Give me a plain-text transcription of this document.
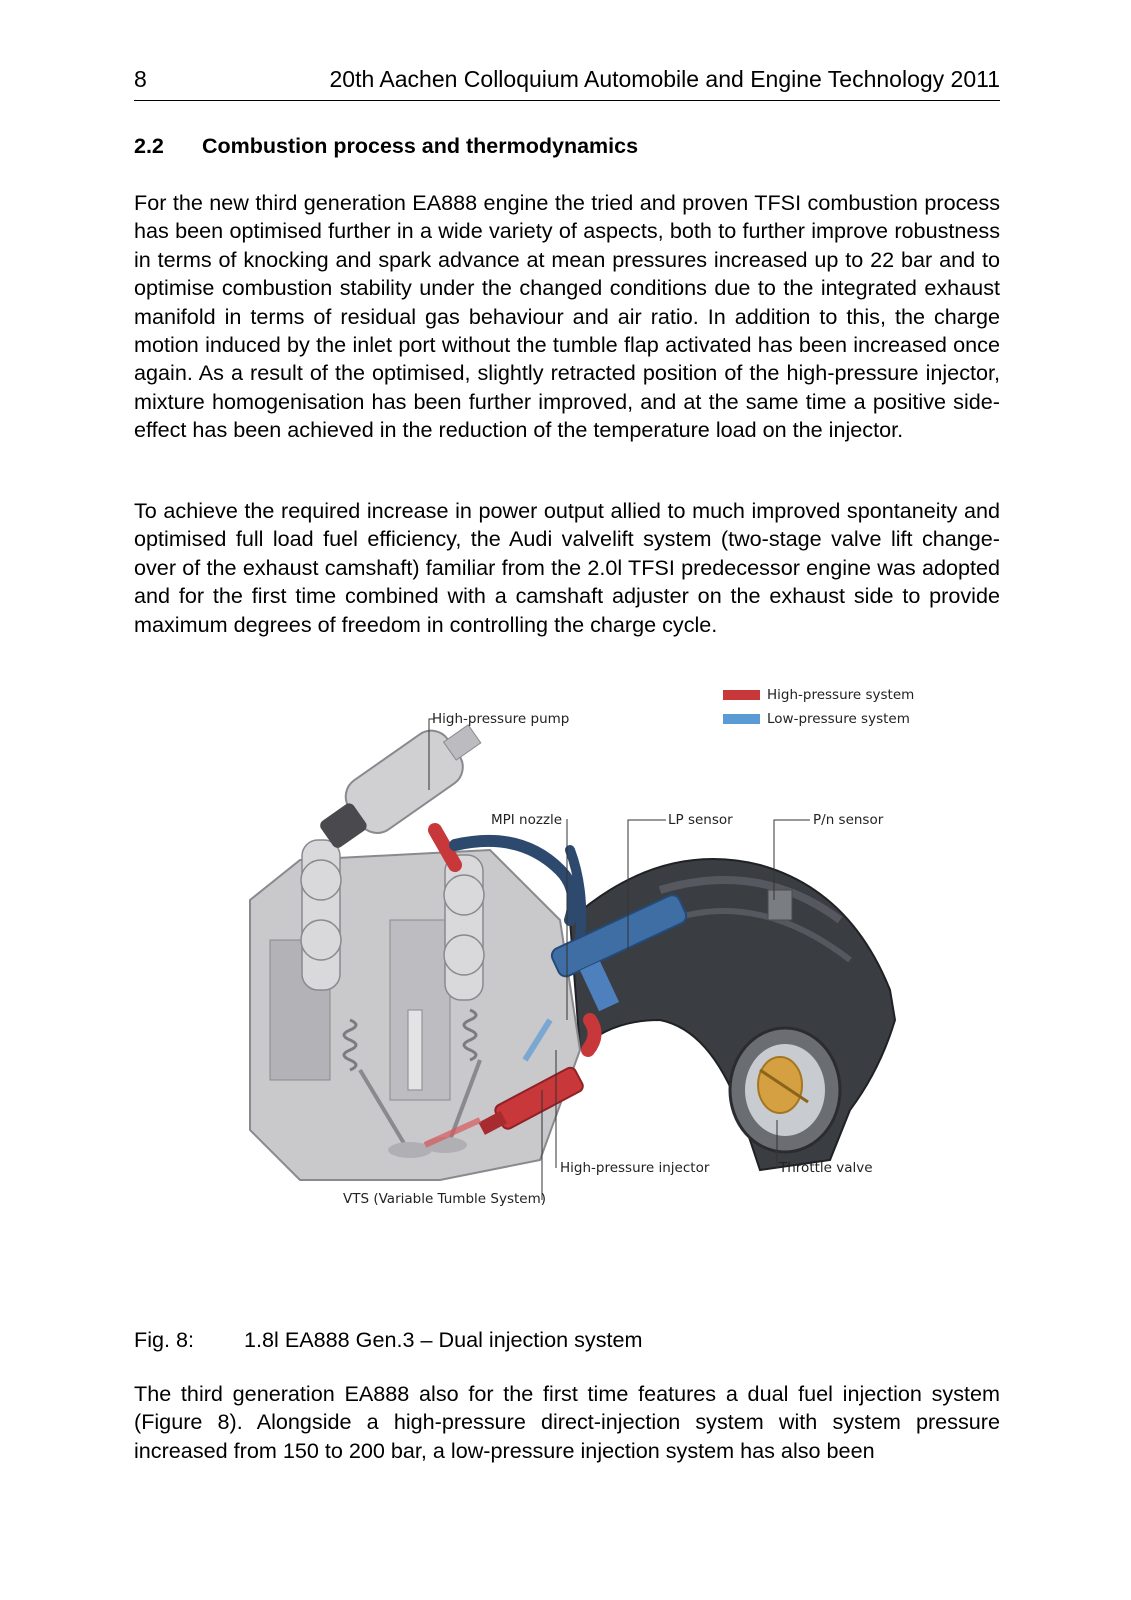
8	20th Aachen Colloquium Automobile and Engine Technology 2011
2.2 Combustion process and thermodynamics

For the new third generation EA888 engine the tried and proven TFSI combustion process has been optimised further in a wide variety of aspects, both to further improve robustness in terms of knocking and spark advance at mean pressures increased up to 22 bar and to optimise combustion stability under the changed conditions due to the integrated exhaust manifold in terms of residual gas behaviour and air ratio. In addition to this, the charge motion induced by the inlet port without the tumble flap activated has been increased once again. As a result of the optimised, slightly retracted position of the high-pressure injector, mixture homogenisation has been further improved, and at the same time a positive side-effect has been achieved in the reduction of the temperature load on the injector.

To achieve the required increase in power output allied to much improved spontaneity and optimised full load fuel efficiency, the Audi valvelift system (two-stage valve lift change-over of the exhaust camshaft) familiar from the 2.0l TFSI predecessor engine was adopted and for the first time combined with a camshaft adjuster on the exhaust side to provide maximum degrees of freedom in controlling the charge cycle.

High-pressure system
Low-pressure system
High-pressure pump
MPI nozzle	LP sensor	P/n sensor
High-pressure injector	Throttle valve
VTS (Variable Tumble System)
Fig. 8: 1.8l EA888 Gen.3 – Dual injection system

The third generation EA888 also for the first time features a dual fuel injection system (Figure 8). Alongside a high-pressure direct-injection system with system pressure increased from 150 to 200 bar, a low-pressure injection system has also been
